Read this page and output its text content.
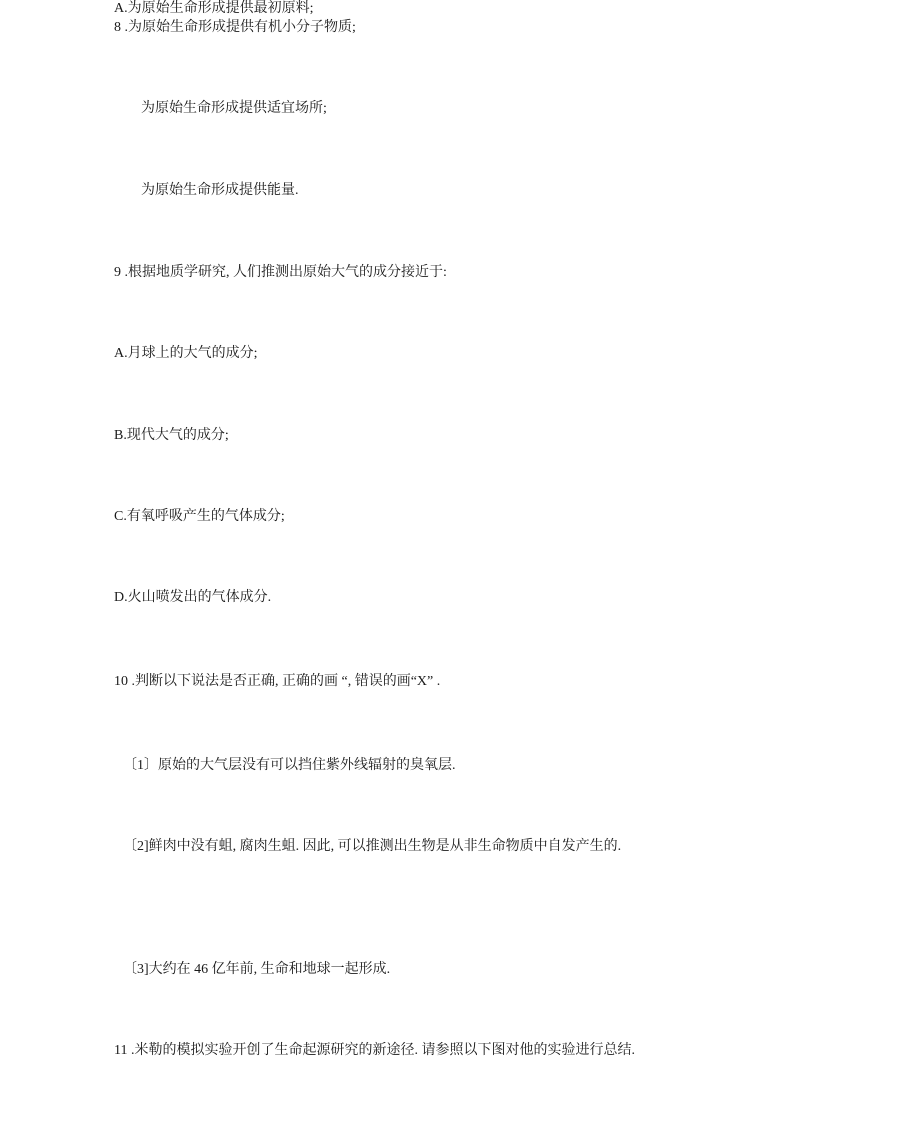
A.为原始生命形成提供最初原料;
8 .为原始生命形成提供有机小分子物质;
为原始生命形成提供适宜场所;
为原始生命形成提供能量.
9 .根据地质学研究, 人们推测出原始大气的成分接近于:
A.月球上的大气的成分;
B.现代大气的成分;
C.有氧呼吸产生的气体成分;
D.火山喷发出的气体成分.
10 .判断以下说法是否正确, 正确的画 “, 错误的画“X” .
〔1〕原始的大气层没有可以挡住紫外线辐射的臭氧层.
〔2]鲜肉中没有蛆, 腐肉生蛆. 因此, 可以推测出生物是从非生命物质中自发产生的.
〔3]大约在 46 亿年前, 生命和地球一起形成.
11 .米勒的模拟实验开创了生命起源研究的新途径. 请参照以下图对他的实验进行总结.
